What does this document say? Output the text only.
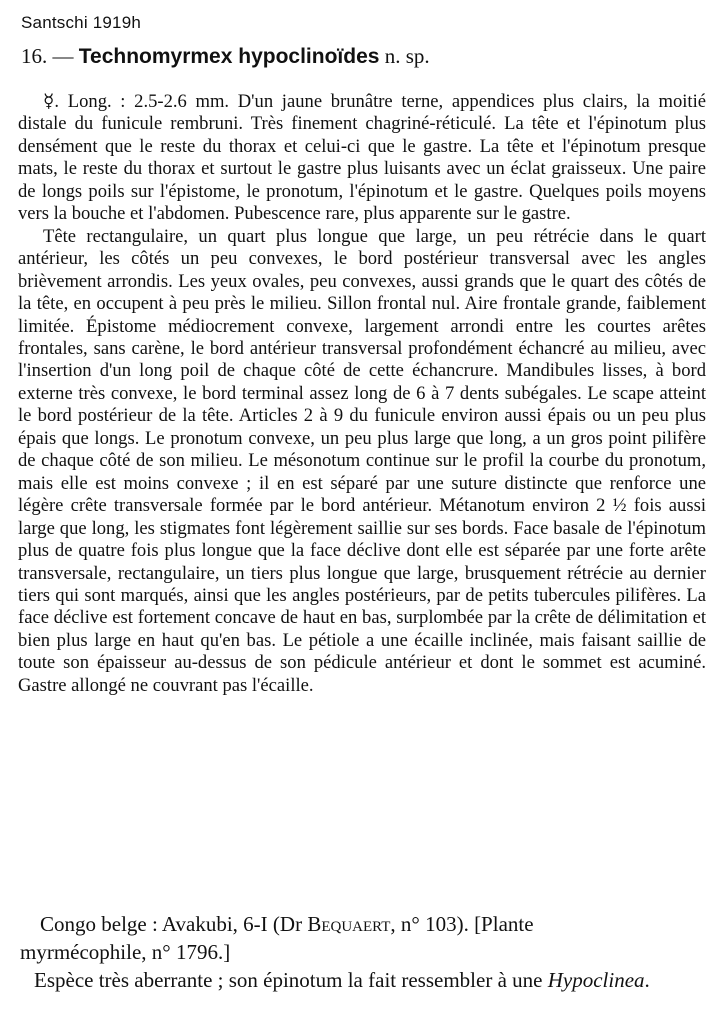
Santschi 1919h
16. — Technomyrmex hypoclinoïdes n. sp.

☿. Long. : 2.5-2.6 mm. D'un jaune brunâtre terne, appendices plus clairs, la moitié distale du funicule rembruni. Très finement chagriné-réticulé. La tête et l'épinotum plus densément que le reste du thorax et celui-ci que le gastre. La tête et l'épinotum presque mats, le reste du thorax et surtout le gastre plus luisants avec un éclat graisseux. Une paire de longs poils sur l'épistome, le pronotum, l'épinotum et le gastre. Quelques poils moyens vers la bouche et l'abdomen. Pubescence rare, plus apparente sur le gastre.

Tête rectangulaire, un quart plus longue que large, un peu rétrécie dans le quart antérieur, les côtés un peu convexes, le bord postérieur transversal avec les angles brièvement arrondis. Les yeux ovales, peu convexes, aussi grands que le quart des côtés de la tête, en occupent à peu près le milieu. Sillon frontal nul. Aire frontale grande, faiblement limitée. Épistome médiocrement convexe, largement arrondi entre les courtes arêtes frontales, sans carène, le bord antérieur transversal profondément échancré au milieu, avec l'insertion d'un long poil de chaque côté de cette échancrure. Mandibules lisses, à bord externe très convexe, le bord terminal assez long de 6 à 7 dents subégales. Le scape atteint le bord postérieur de la tête. Articles 2 à 9 du funicule environ aussi épais ou un peu plus épais que longs. Le pronotum convexe, un peu plus large que long, a un gros point pilifère de chaque côté de son milieu. Le mésonotum continue sur le profil la courbe du pronotum, mais elle est moins convexe ; il en est séparé par une suture distincte que renforce une légère crête transversale formée par le bord antérieur. Métanotum environ 2 ½ fois aussi large que long, les stigmates font légèrement saillie sur ses bords. Face basale de l'épinotum plus de quatre fois plus longue que la face déclive dont elle est séparée par une forte arête transversale, rectangulaire, un tiers plus longue que large, brusquement rétrécie au dernier tiers qui sont marqués, ainsi que les angles postérieurs, par de petits tubercules pilifères. La face déclive est fortement concave de haut en bas, surplombée par la crête de délimitation et bien plus large en haut qu'en bas. Le pétiole a une écaille inclinée, mais faisant saillie de toute son épaisseur au-dessus de son pédicule antérieur et dont le sommet est acuminé. Gastre allongé ne couvrant pas l'écaille.

Congo belge : Avakubi, 6-I (Dr Bequaert, n° 103). [Plante

myrmécophile, n° 1796.]

Espèce très aberrante ; son épinotum la fait ressembler à une Hypoclinea.
